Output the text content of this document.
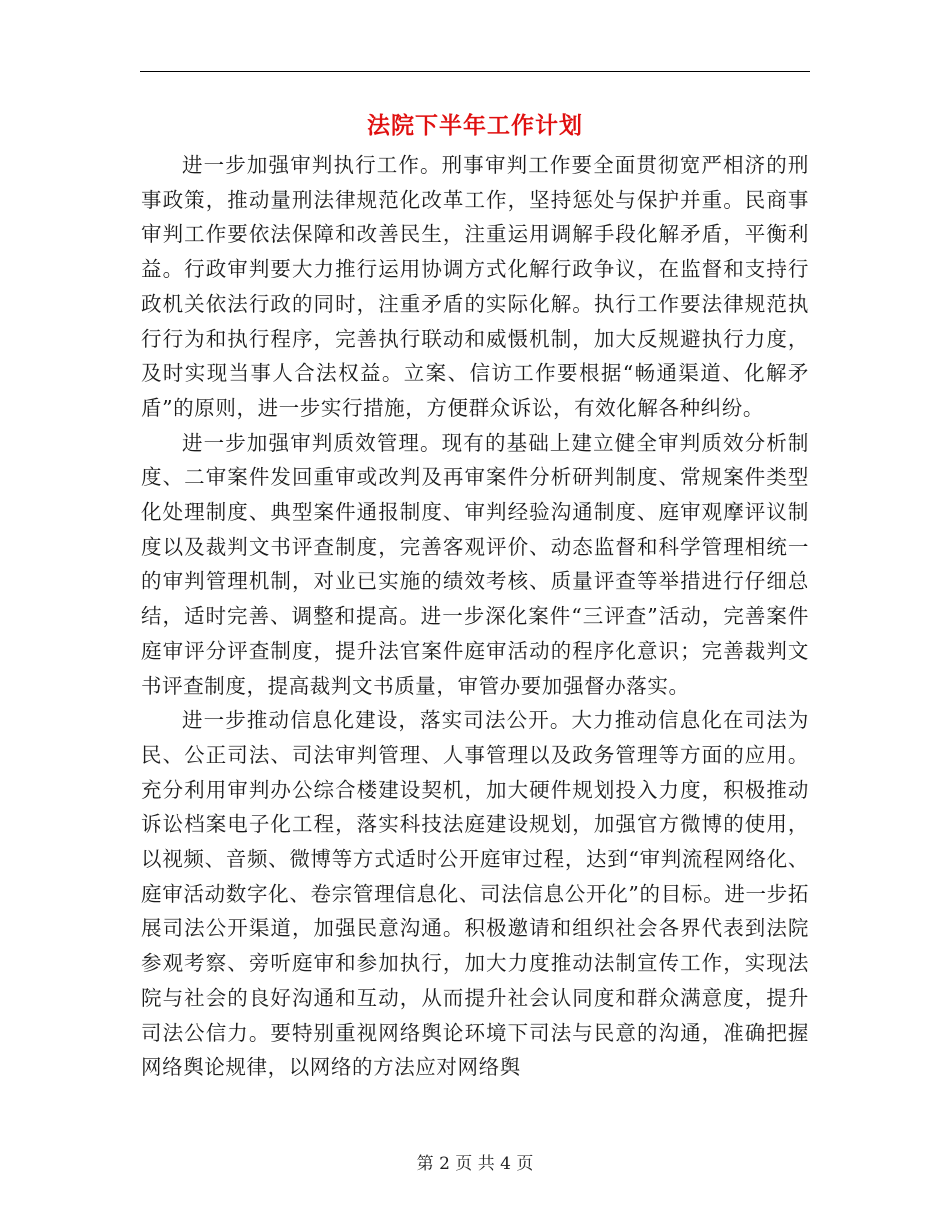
法院下半年工作计划

进一步加强审判执行工作。刑事审判工作要全面贯彻宽严相济的刑事政策，推动量刑法律规范化改革工作，坚持惩处与保护并重。民商事审判工作要依法保障和改善民生，注重运用调解手段化解矛盾，平衡利益。行政审判要大力推行运用协调方式化解行政争议，在监督和支持行政机关依法行政的同时，注重矛盾的实际化解。执行工作要法律规范执行行为和执行程序，完善执行联动和威慑机制，加大反规避执行力度，及时实现当事人合法权益。立案、信访工作要根据“畅通渠道、化解矛盾”的原则，进一步实行措施，方便群众诉讼，有效化解各种纠纷。

进一步加强审判质效管理。现有的基础上建立健全审判质效分析制度、二审案件发回重审或改判及再审案件分析研判制度、常规案件类型化处理制度、典型案件通报制度、审判经验沟通制度、庭审观摩评议制度以及裁判文书评查制度，完善客观评价、动态监督和科学管理相统一的审判管理机制，对业已实施的绩效考核、质量评查等举措进行仔细总结，适时完善、调整和提高。进一步深化案件“三评查”活动，完善案件庭审评分评查制度，提升法官案件庭审活动的程序化意识；完善裁判文书评查制度，提高裁判文书质量，审管办要加强督办落实。

进一步推动信息化建设，落实司法公开。大力推动信息化在司法为民、公正司法、司法审判管理、人事管理以及政务管理等方面的应用。充分利用审判办公综合楼建设契机，加大硬件规划投入力度，积极推动诉讼档案电子化工程，落实科技法庭建设规划，加强官方微博的使用，以视频、音频、微博等方式适时公开庭审过程，达到“审判流程网络化、庭审活动数字化、卷宗管理信息化、司法信息公开化”的目标。进一步拓展司法公开渠道，加强民意沟通。积极邀请和组织社会各界代表到法院参观考察、旁听庭审和参加执行，加大力度推动法制宣传工作，实现法院与社会的良好沟通和互动，从而提升社会认同度和群众满意度，提升司法公信力。要特别重视网络舆论环境下司法与民意的沟通，准确把握网络舆论规律，以网络的方法应对网络舆

第 2 页 共 4 页
